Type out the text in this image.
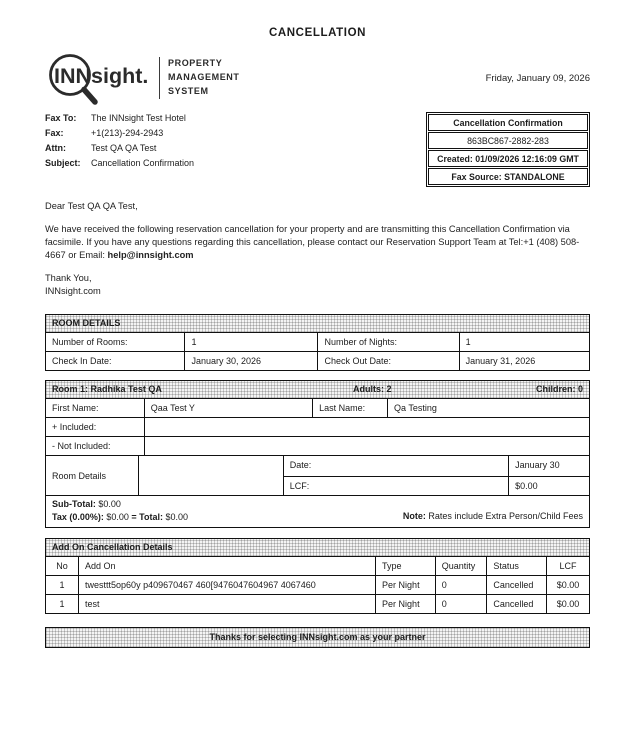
CANCELLATION
INNsight.
PROPERTY
MANAGEMENT
SYSTEM
Friday, January 09, 2026
Fax To: The INNsight Test Hotel
Fax:	+1(213)-294-2943
Attn:	Test QA QA Test
Subject: Cancellation Confirmation
Cancellation Confirmation
863BC867-2882-283
Created: 01/09/2026 12:16:09 GMT
Fax Source: STANDALONE

Dear Test QA QA Test,

We have received the following reservation cancellation for your property and are transmitting this Cancellation Confirmation via facsimile. If you have any questions regarding this cancellation, please contact our Reservation Support Team at Tel:+1 (408) 508-4667 or Email: help@innsight.com

Thank You,
INNsight.com
ROOM DETAILS
Number of Rooms:	1	Number of Nights:	1
Check In Date:	January 30, 2026	Check Out Date:	January 31, 2026
Room 1: Radhika Test QA	Adults: 2	Children: 0
First Name:	Qaa Test Y	Last Name:	Qa Testing
+ Included:
- Not Included:
Room Details
Date:	January 30
LCF:	$0.00
Sub-Total: $0.00
Tax (0.00%): $0.00 = Total: $0.00	Note: Rates include Extra Person/Child Fees
Add On Cancellation Details
No	Add On	Type	Quantity	Status	LCF
1	twesttt5op60y p409670467 460[9476047604967 4067460	Per Night	0	Cancelled	$0.00
1	test	Per Night	0	Cancelled	$0.00
Thanks for selecting INNsight.com as your partner
